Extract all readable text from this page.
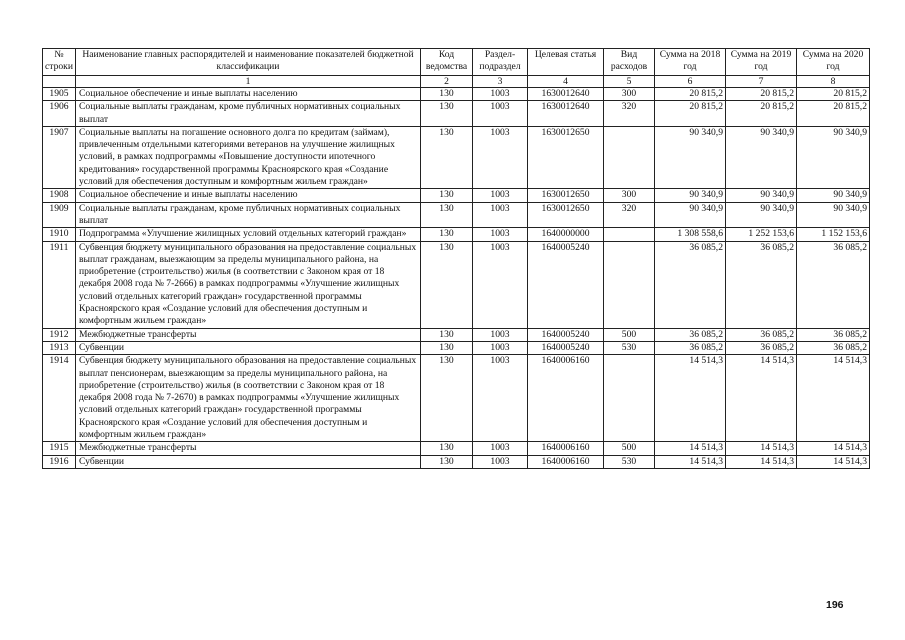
№ строки	Наименование главных распорядителей и наименование показателей бюджетной классификации	Код ведомства	Раздел-подраздел	Целевая статья	Вид расходов	Сумма на 2018 год	Сумма на 2019 год	Сумма на 2020 год
	1	2	3	4	5	6	7	8
1905	Социальное обеспечение и иные выплаты населению	130	1003	1630012640	300	20 815,2	20 815,2	20 815,2
1906	Социальные выплаты гражданам, кроме публичных нормативных социальных выплат	130	1003	1630012640	320	20 815,2	20 815,2	20 815,2
1907	Социальные выплаты на погашение основного долга по кредитам (займам), привлеченным отдельными категориями ветеранов на улучшение жилищных условий, в рамках подпрограммы «Повышение доступности ипотечного кредитования» государственной программы Красноярского края «Создание условий для обеспечения доступным и комфортным жильем граждан»	130	1003	1630012650		90 340,9	90 340,9	90 340,9
1908	Социальное обеспечение и иные выплаты населению	130	1003	1630012650	300	90 340,9	90 340,9	90 340,9
1909	Социальные выплаты гражданам, кроме публичных нормативных социальных выплат	130	1003	1630012650	320	90 340,9	90 340,9	90 340,9
1910	Подпрограмма «Улучшение жилищных условий отдельных категорий граждан»	130	1003	1640000000		1 308 558,6	1 252 153,6	1 152 153,6
1911	Субвенция бюджету муниципального образования на предоставление социальных выплат гражданам, выезжающим за пределы муниципального района, на приобретение (строительство) жилья (в соответствии с Законом края от 18 декабря 2008 года № 7-2666) в рамках подпрограммы «Улучшение жилищных условий отдельных категорий граждан» государственной программы Красноярского края «Создание условий для обеспечения доступным и комфортным жильем граждан»	130	1003	1640005240		36 085,2	36 085,2	36 085,2
1912	Межбюджетные трансферты	130	1003	1640005240	500	36 085,2	36 085,2	36 085,2
1913	Субвенции	130	1003	1640005240	530	36 085,2	36 085,2	36 085,2
1914	Субвенция бюджету муниципального образования на предоставление социальных выплат пенсионерам, выезжающим за пределы муниципального района, на приобретение (строительство) жилья (в соответствии с Законом края от 18 декабря 2008 года № 7-2670) в рамках подпрограммы «Улучшение жилищных условий отдельных категорий граждан» государственной программы Красноярского края «Создание условий для обеспечения доступным и комфортным жильем граждан»	130	1003	1640006160		14 514,3	14 514,3	14 514,3
1915	Межбюджетные трансферты	130	1003	1640006160	500	14 514,3	14 514,3	14 514,3
1916	Субвенции	130	1003	1640006160	530	14 514,3	14 514,3	14 514,3
196
